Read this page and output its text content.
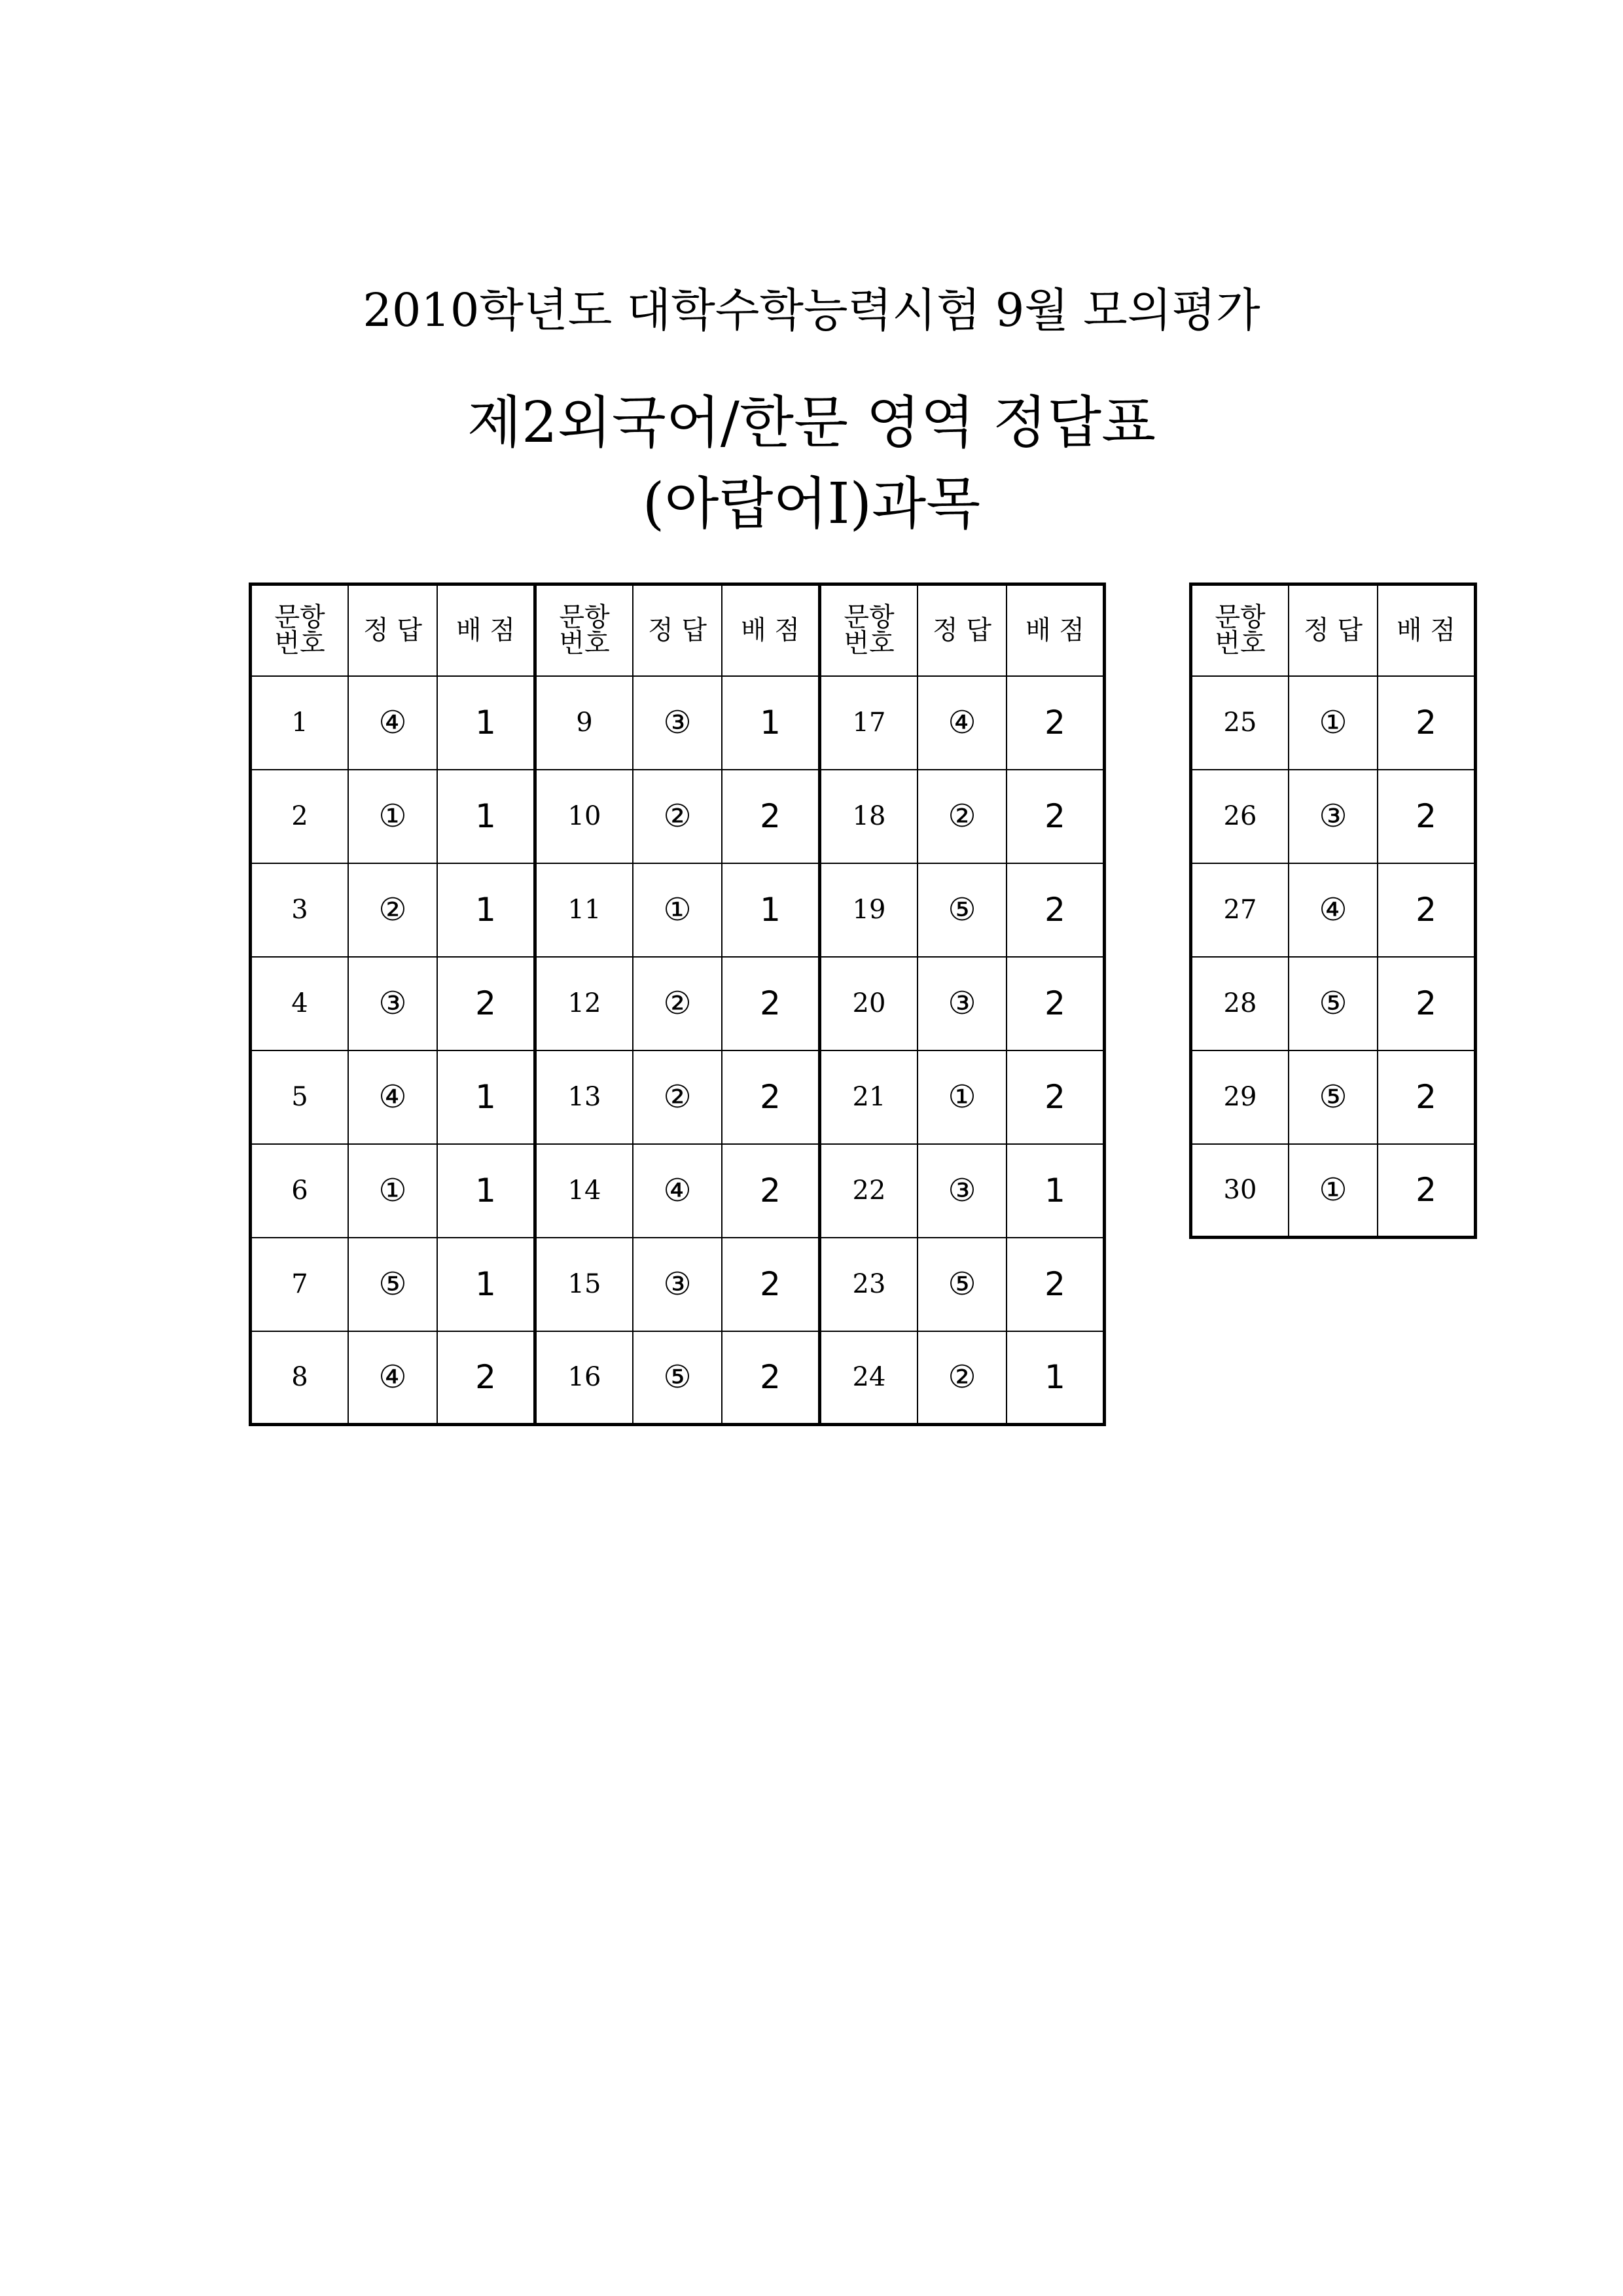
2010학년도 대학수학능력시험 9월 모의평가
제2외국어/한문 영역 정답표
(아랍어Ⅰ)과목
문항
번호	정 답	배 점	문항
번호	정 답	배 점	문항
번호	정 답	배 점
1	④	1	9	③	1	17	④	2
2	①	1	10	②	2	18	②	2
3	②	1	11	①	1	19	⑤	2
4	③	2	12	②	2	20	③	2
5	④	1	13	②	2	21	①	2
6	①	1	14	④	2	22	③	1
7	⑤	1	15	③	2	23	⑤	2
8	④	2	16	⑤	2	24	②	1
문항
번호	정 답	배 점
25	①	2
26	③	2
27	④	2
28	⑤	2
29	⑤	2
30	①	2
